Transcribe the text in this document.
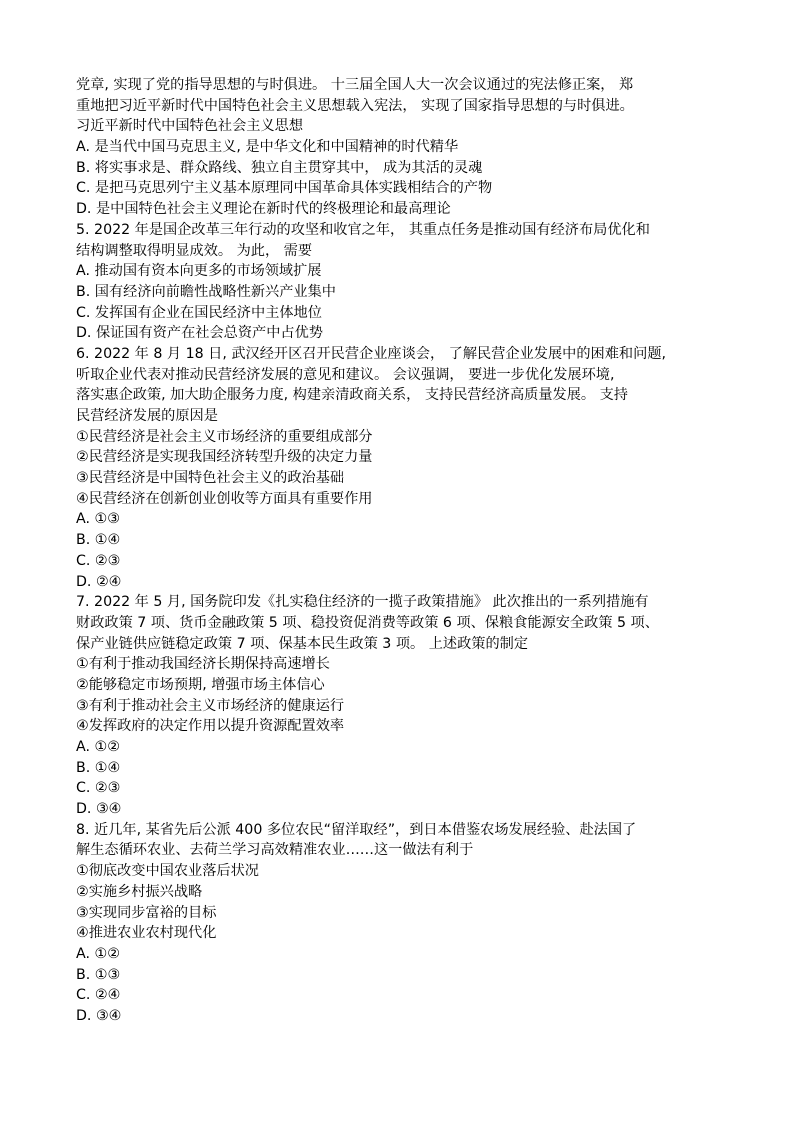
党章, 实现了党的指导思想的与时俱进。 十三届全国人大一次会议通过的宪法修正案， 郑
重地把习近平新时代中国特色社会主义思想载入宪法， 实现了国家指导思想的与时俱进。
习近平新时代中国特色社会主义思想
A. 是当代中国马克思主义, 是中华文化和中国精神的时代精华
B. 将实事求是、群众路线、独立自主贯穿其中， 成为其活的灵魂
C. 是把马克思列宁主义基本原理同中国革命具体实践相结合的产物
D. 是中国特色社会主义理论在新时代的终极理论和最高理论
5. 2022 年是国企改革三年行动的攻坚和收官之年， 其重点任务是推动国有经济布局优化和
结构调整取得明显成效。 为此， 需要
A. 推动国有资本向更多的市场领域扩展
B. 国有经济向前瞻性战略性新兴产业集中
C. 发挥国有企业在国民经济中主体地位
D. 保证国有资产在社会总资产中占优势
6. 2022 年 8 月 18 日, 武汉经开区召开民营企业座谈会， 了解民营企业发展中的困难和问题,
听取企业代表对推动民营经济发展的意见和建议。 会议强调， 要进一步优化发展环境,
落实惠企政策, 加大助企服务力度, 构建亲清政商关系， 支持民营经济高质量发展。 支持
民营经济发展的原因是
①民营经济是社会主义市场经济的重要组成部分
②民营经济是实现我国经济转型升级的决定力量
③民营经济是中国特色社会主义的政治基础
④民营经济在创新创业创收等方面具有重要作用
A. ①③
B. ①④
C. ②③
D. ②④
7. 2022 年 5 月, 国务院印发《扎实稳住经济的一揽子政策措施》 此次推出的一系列措施有
财政政策 7 项、货币金融政策 5 项、稳投资促消费等政策 6 项、保粮食能源安全政策 5 项、
保产业链供应链稳定政策 7 项、保基本民生政策 3 项。 上述政策的制定
①有利于推动我国经济长期保持高速增长
②能够稳定市场预期, 增强市场主体信心
③有利于推动社会主义市场经济的健康运行
④发挥政府的决定作用以提升资源配置效率
A. ①②
B. ①④
C. ②③
D. ③④
8. 近几年, 某省先后公派 400 多位农民“留洋取经”，到日本借鉴农场发展经验、赴法国了
解生态循环农业、去荷兰学习高效精准农业……这一做法有利于
①彻底改变中国农业落后状况
②实施乡村振兴战略
③实现同步富裕的目标
④推进农业农村现代化
A. ①②
B. ①③
C. ②④
D. ③④
